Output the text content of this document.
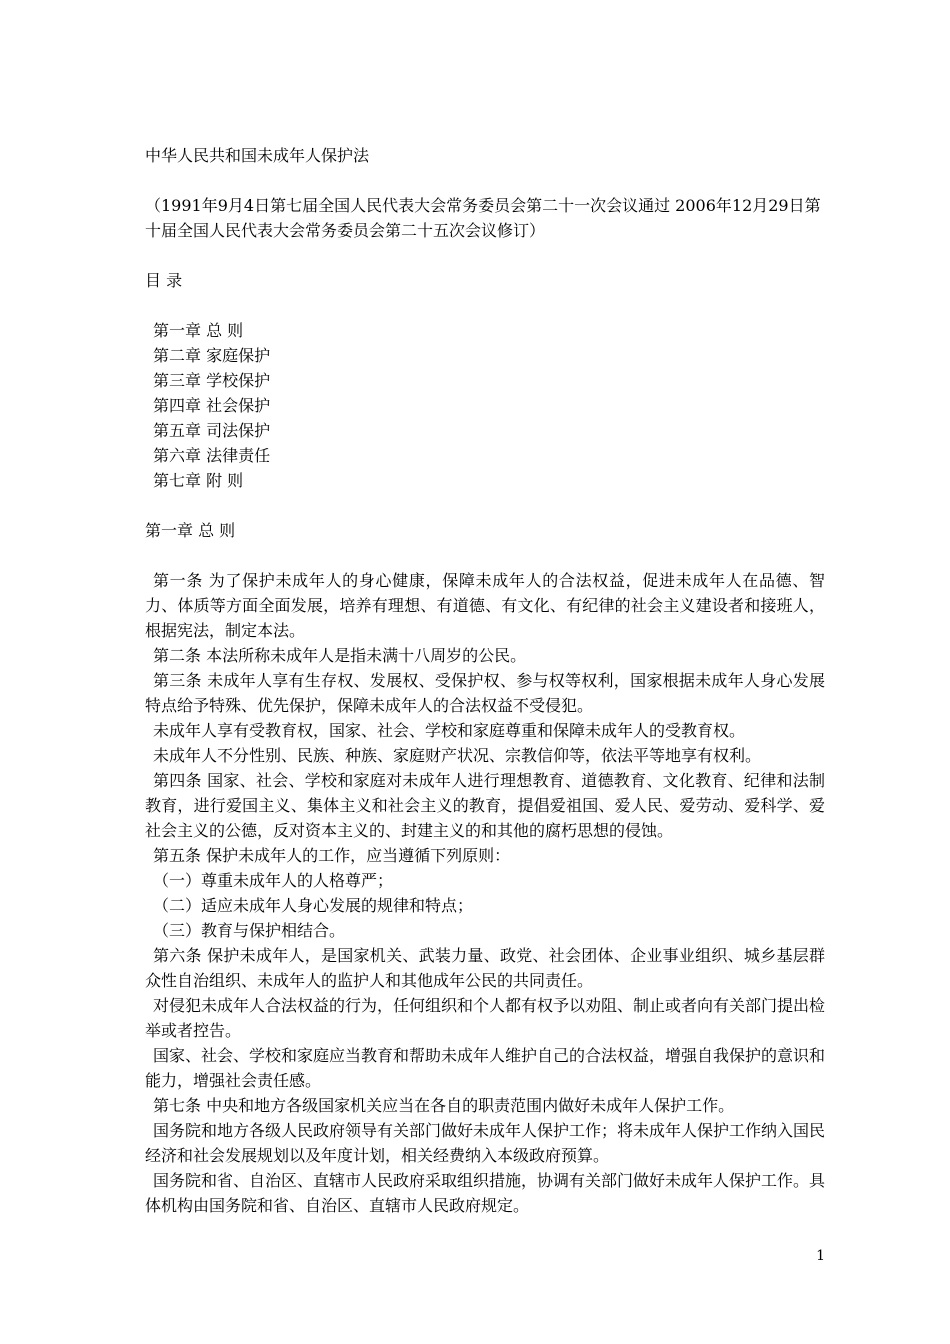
中华人民共和国未成年人保护法

（1991年9月4日第七届全国人民代表大会常务委员会第二十一次会议通过 2006年12月29日第十届全国人民代表大会常务委员会第二十五次会议修订）

目 录

第一章 总 则
第二章 家庭保护
第三章 学校保护
第四章 社会保护
第五章 司法保护
第六章 法律责任
第七章 附 则

第一章 总 则

第一条 为了保护未成年人的身心健康，保障未成年人的合法权益，促进未成年人在品德、智力、体质等方面全面发展，培养有理想、有道德、有文化、有纪律的社会主义建设者和接班人，根据宪法，制定本法。

第二条 本法所称未成年人是指未满十八周岁的公民。

第三条 未成年人享有生存权、发展权、受保护权、参与权等权利，国家根据未成年人身心发展特点给予特殊、优先保护，保障未成年人的合法权益不受侵犯。

未成年人享有受教育权，国家、社会、学校和家庭尊重和保障未成年人的受教育权。

未成年人不分性别、民族、种族、家庭财产状况、宗教信仰等，依法平等地享有权利。

第四条 国家、社会、学校和家庭对未成年人进行理想教育、道德教育、文化教育、纪律和法制教育，进行爱国主义、集体主义和社会主义的教育，提倡爱祖国、爱人民、爱劳动、爱科学、爱社会主义的公德，反对资本主义的、封建主义的和其他的腐朽思想的侵蚀。

第五条 保护未成年人的工作，应当遵循下列原则：

（一）尊重未成年人的人格尊严；

（二）适应未成年人身心发展的规律和特点；

（三）教育与保护相结合。

第六条 保护未成年人，是国家机关、武装力量、政党、社会团体、企业事业组织、城乡基层群众性自治组织、未成年人的监护人和其他成年公民的共同责任。

对侵犯未成年人合法权益的行为，任何组织和个人都有权予以劝阻、制止或者向有关部门提出检举或者控告。

国家、社会、学校和家庭应当教育和帮助未成年人维护自己的合法权益，增强自我保护的意识和能力，增强社会责任感。

第七条 中央和地方各级国家机关应当在各自的职责范围内做好未成年人保护工作。

国务院和地方各级人民政府领导有关部门做好未成年人保护工作；将未成年人保护工作纳入国民经济和社会发展规划以及年度计划，相关经费纳入本级政府预算。

国务院和省、自治区、直辖市人民政府采取组织措施，协调有关部门做好未成年人保护工作。具体机构由国务院和省、自治区、直辖市人民政府规定。

1
